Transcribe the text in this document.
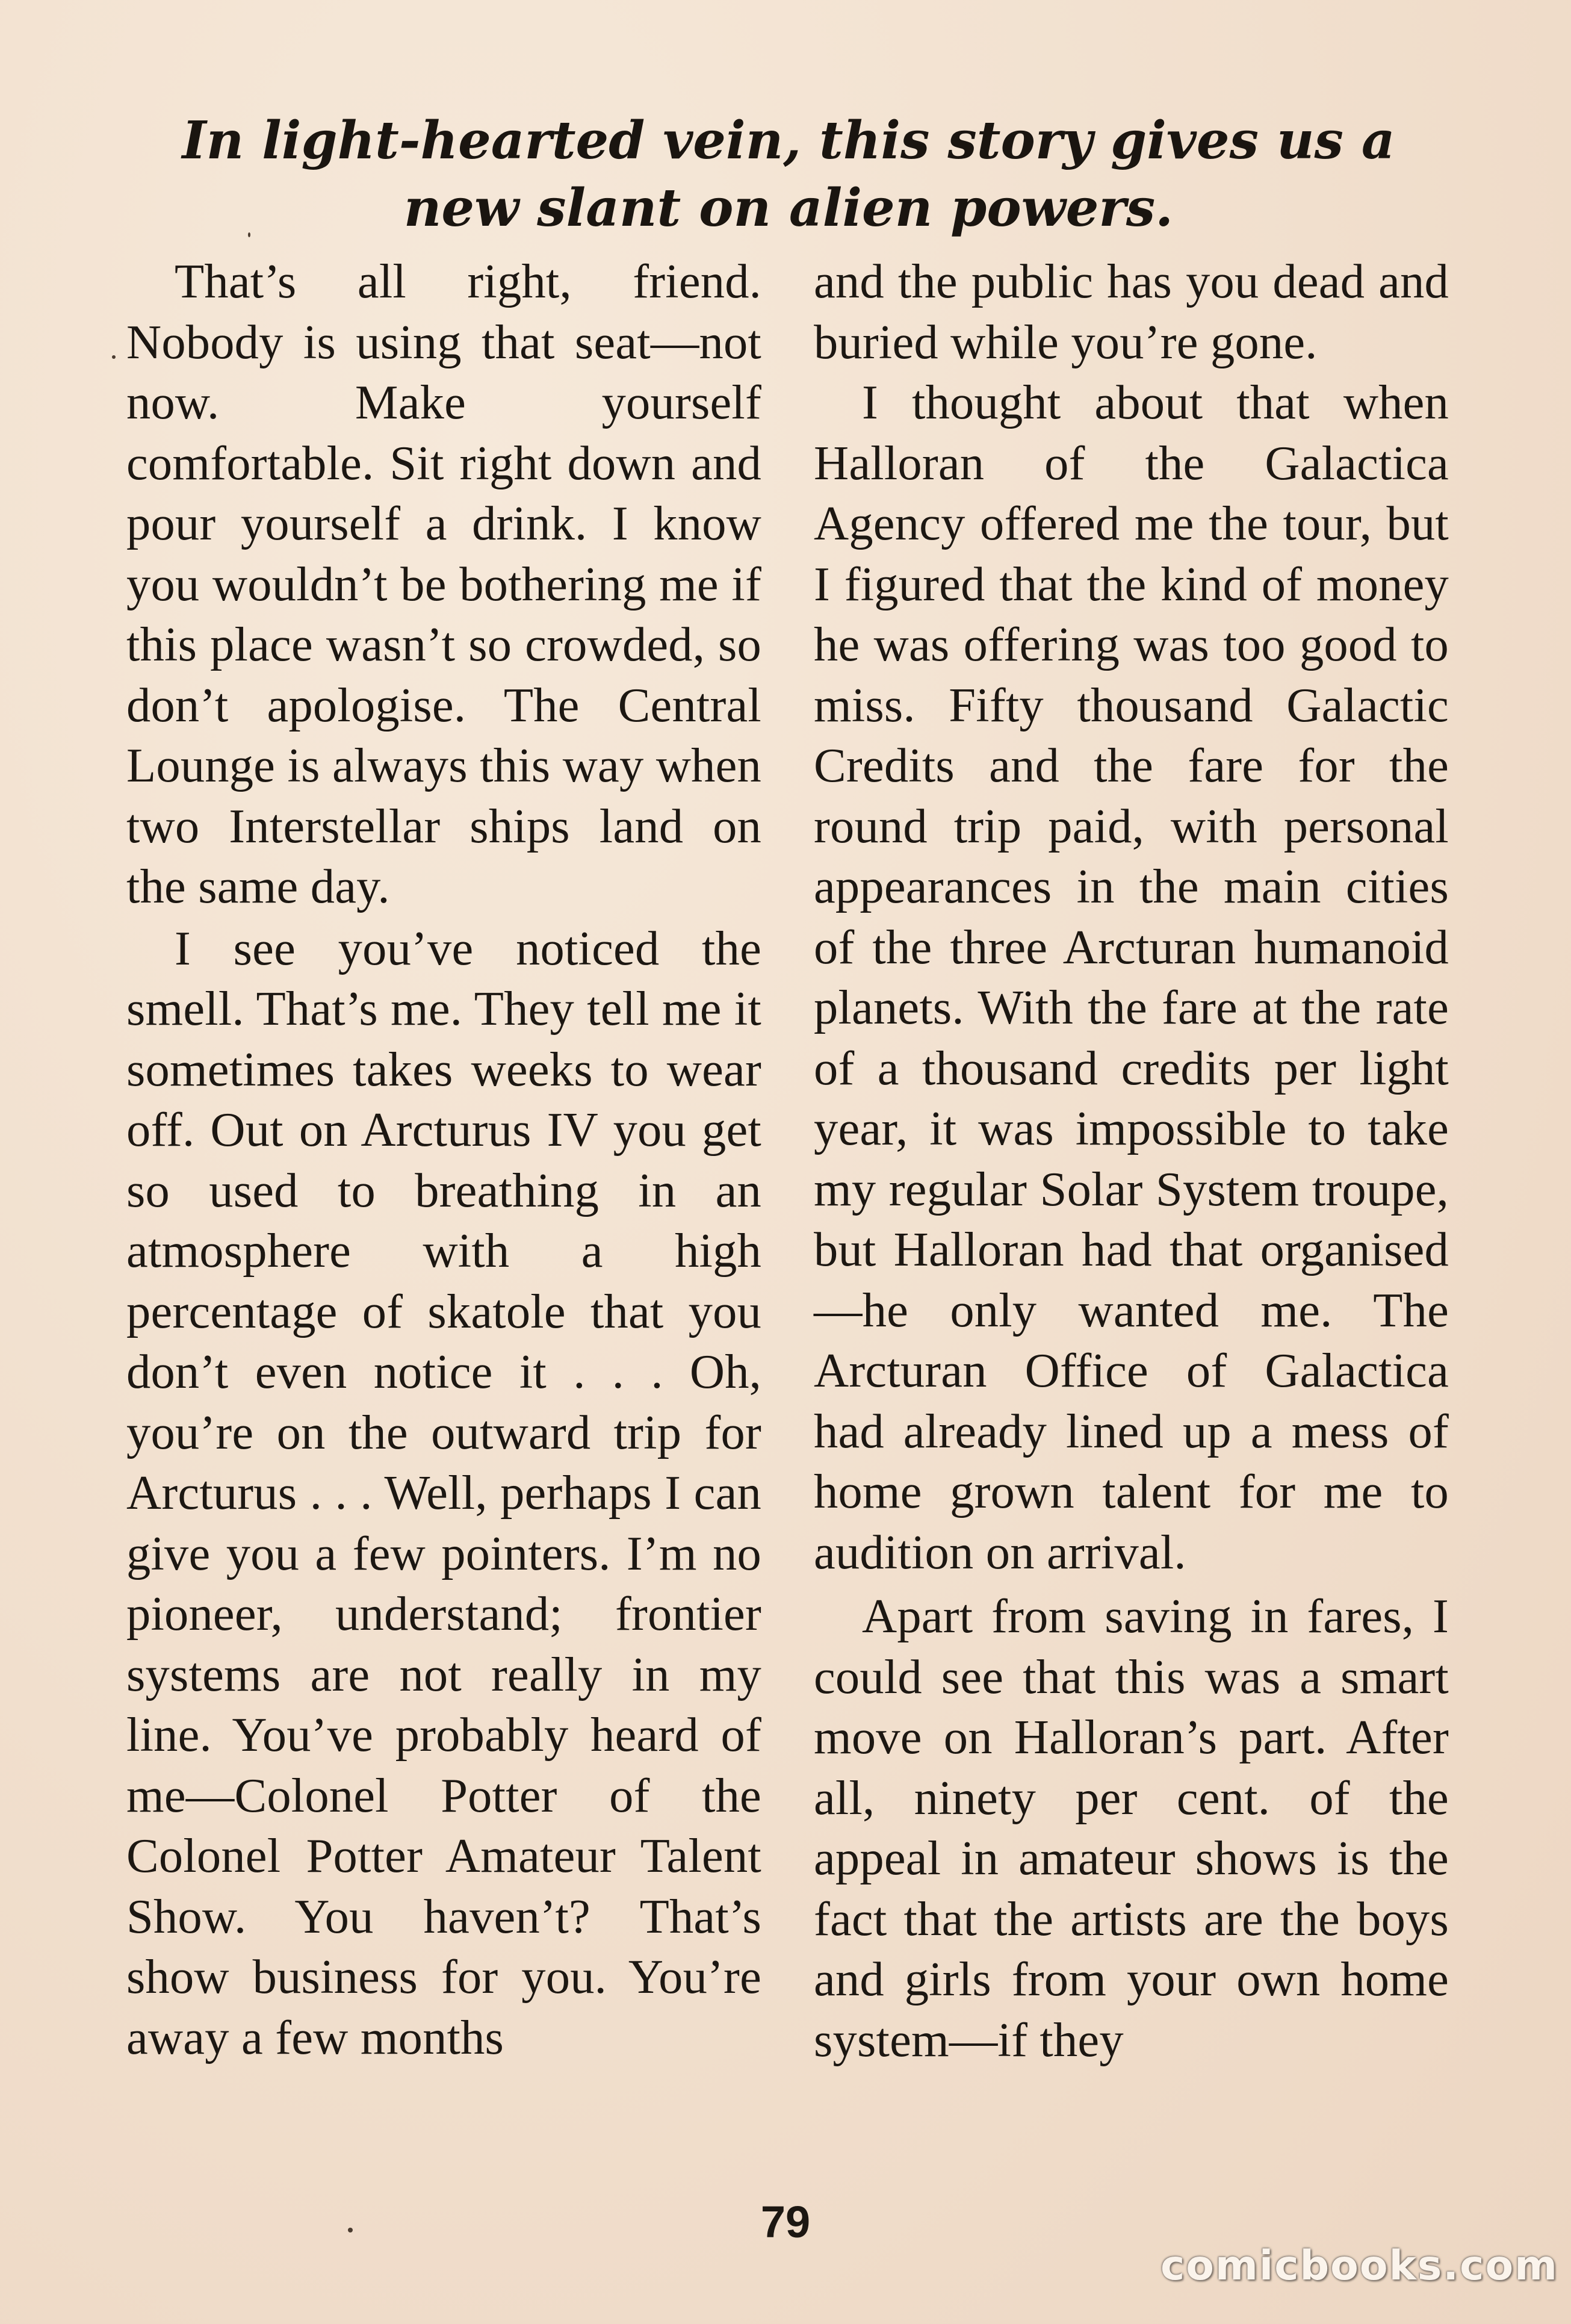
In light-hearted vein, this story gives us a new slant on alien powers.

That’s all right, friend. Nobody is using that seat—not now. Make yourself comfortable. Sit right down and pour yourself a drink. I know you wouldn’t be bothering me if this place wasn’t so crowded, so don’t apologise. The Central Lounge is always this way when two Interstellar ships land on the same day.

I see you’ve noticed the smell. That’s me. They tell me it sometimes takes weeks to wear off. Out on Arcturus IV you get so used to breathing in an atmosphere with a high percentage of skatole that you don’t even notice it . . . Oh, you’re on the outward trip for Arcturus . . . Well, perhaps I can give you a few pointers. I’m no pioneer, understand; frontier systems are not really in my line. You’ve probably heard of me—Colonel Potter of the Colonel Potter Amateur Talent Show. You haven’t? That’s show business for you. You’re away a few months

and the public has you dead and buried while you’re gone.

I thought about that when Halloran of the Galactica Agency offered me the tour, but I figured that the kind of money he was offering was too good to miss. Fifty thousand Galactic Credits and the fare for the round trip paid, with personal appearances in the main cities of the three Arcturan humanoid planets. With the fare at the rate of a thousand credits per light year, it was impossible to take my regular Solar System troupe, but Halloran had that organised—he only wanted me. The Arcturan Office of Galactica had already lined up a mess of home grown talent for me to audition on arrival.

Apart from saving in fares, I could see that this was a smart move on Halloran’s part. After all, ninety per cent. of the appeal in amateur shows is the fact that the artists are the boys and girls from your own home system—if they

79
comicbooks.com
